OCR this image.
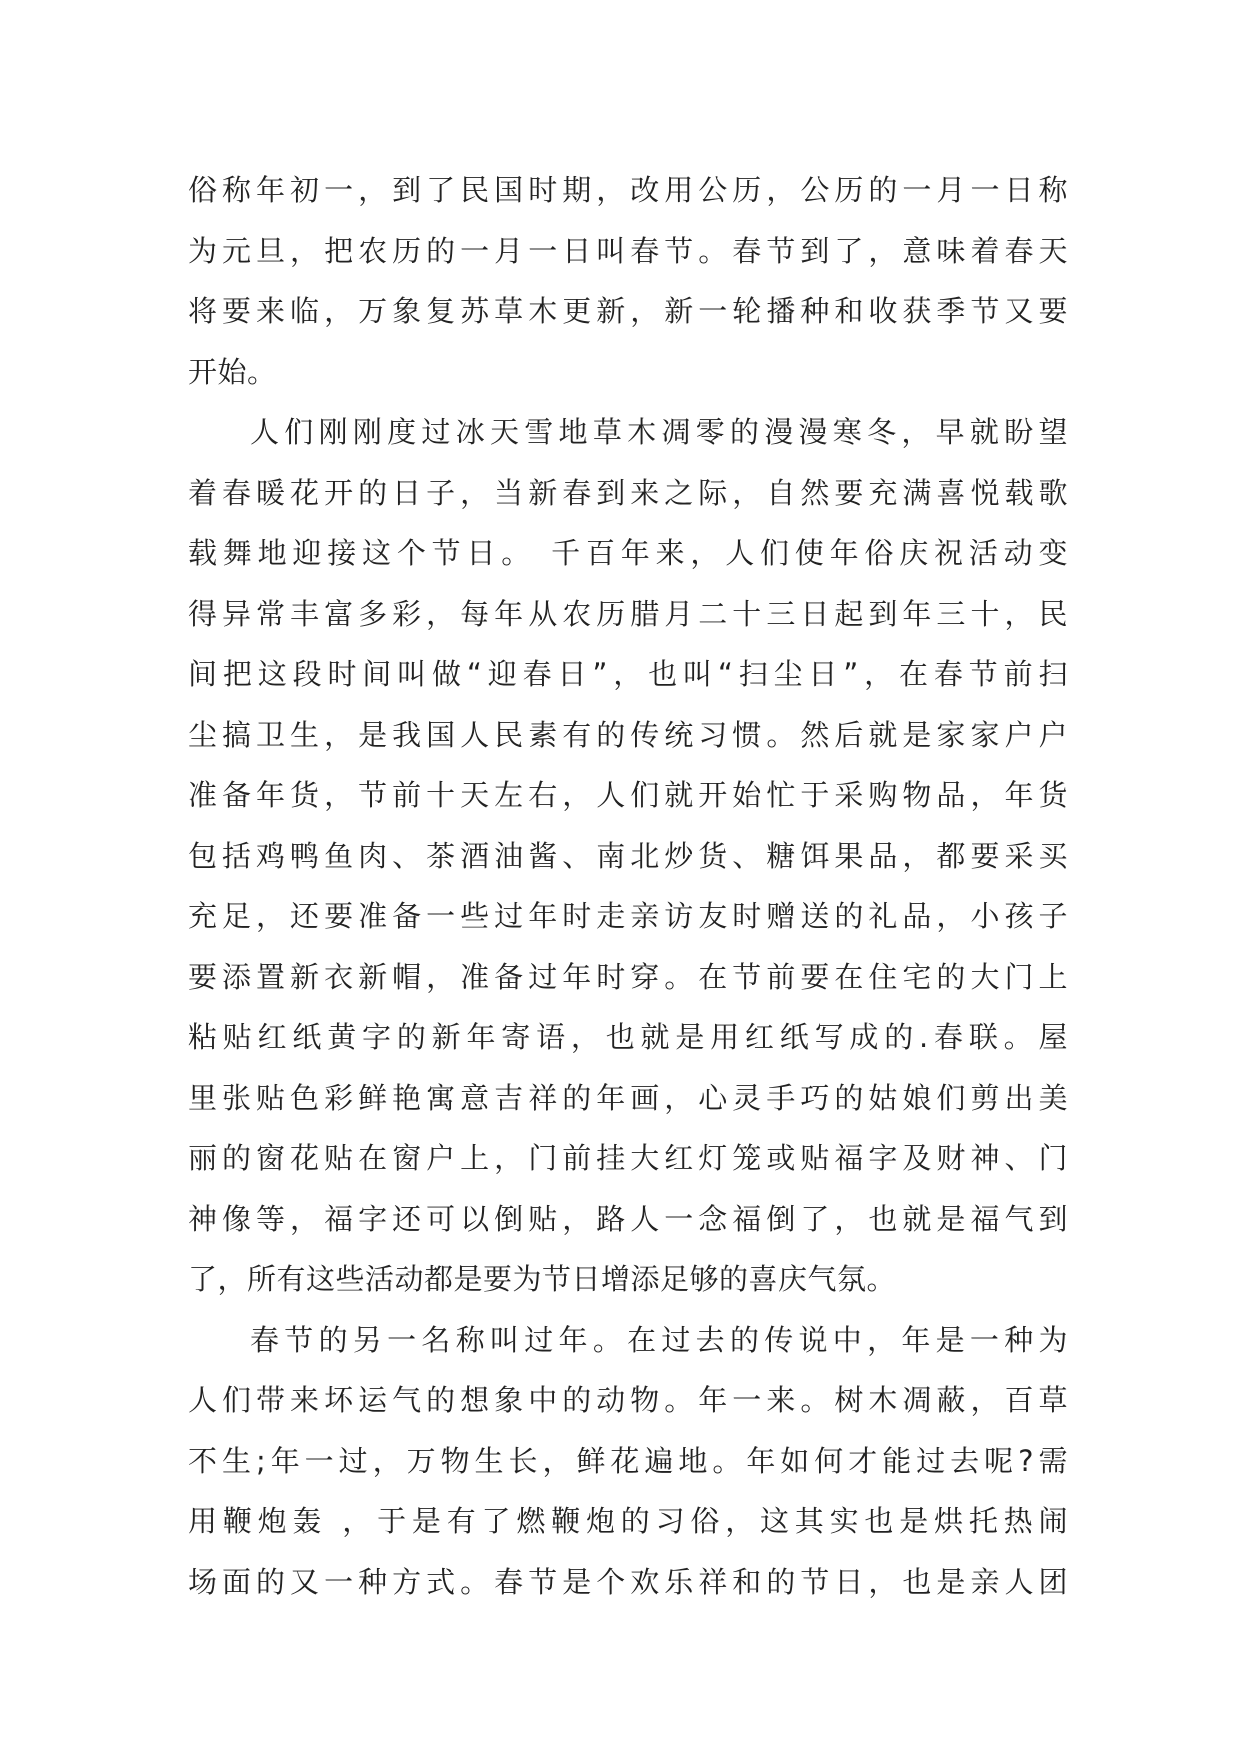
俗称年初一，到了民国时期，改用公历，公历的一月一日称
为元旦，把农历的一月一日叫春节。春节到了，意味着春天
将要来临，万象复苏草木更新，新一轮播种和收获季节又要
开始。
人们刚刚度过冰天雪地草木凋零的漫漫寒冬，早就盼望
着春暖花开的日子，当新春到来之际，自然要充满喜悦载歌
载舞地迎接这个节日。 千百年来，人们使年俗庆祝活动变
得异常丰富多彩，每年从农历腊月二十三日起到年三十，民
间把这段时间叫做“迎春日”，也叫“扫尘日”，在春节前扫
尘搞卫生，是我国人民素有的传统习惯。然后就是家家户户
准备年货，节前十天左右，人们就开始忙于采购物品，年货
包括鸡鸭鱼肉、茶酒油酱、南北炒货、糖饵果品，都要采买
充足，还要准备一些过年时走亲访友时赠送的礼品，小孩子
要添置新衣新帽，准备过年时穿。在节前要在住宅的大门上
粘贴红纸黄字的新年寄语，也就是用红纸写成的.春联。屋
里张贴色彩鲜艳寓意吉祥的年画，心灵手巧的姑娘们剪出美
丽的窗花贴在窗户上，门前挂大红灯笼或贴福字及财神、门
神像等，福字还可以倒贴，路人一念福倒了，也就是福气到
了，所有这些活动都是要为节日增添足够的喜庆气氛。
春节的另一名称叫过年。在过去的传说中，年是一种为
人们带来坏运气的想象中的动物。年一来。树木凋蔽，百草
不生;年一过，万物生长，鲜花遍地。年如何才能过去呢?需
用鞭炮轰 ，于是有了燃鞭炮的习俗，这其实也是烘托热闹
场面的又一种方式。春节是个欢乐祥和的节日，也是亲人团
